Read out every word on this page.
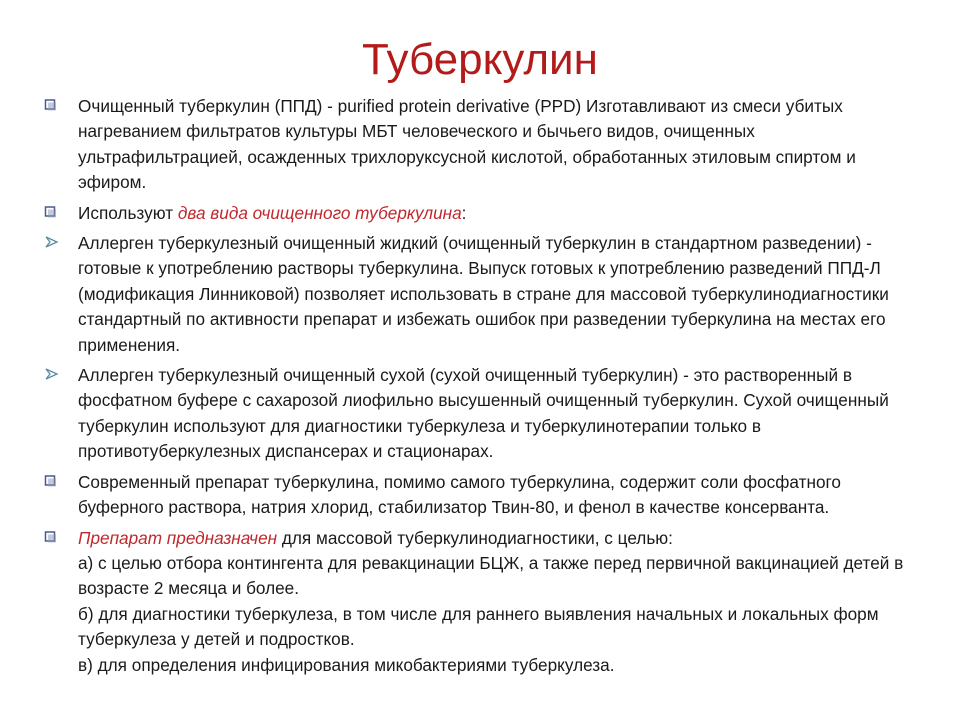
Туберкулин
Очищенный туберкулин (ППД) - purified protein derivative (PPD) Изготавливают из смеси убитых нагреванием фильтратов культуры МБТ человеческого и бычьего видов, очищенных ультрафильтрацией, осажденных трихлоруксусной кислотой, обработанных этиловым спиртом и эфиром.
Используют два вида очищенного туберкулина:
Аллерген туберкулезный очищенный жидкий (очищенный туберкулин в стандартном разведении) - готовые к употреблению растворы туберкулина. Выпуск готовых к употреблению разведений ППД-Л (модификация Линниковой) позволяет использовать в стране для массовой туберкулинодиагностики стандартный по активности препарат и избежать ошибок при разведении туберкулина на местах его применения.
Аллерген туберкулезный очищенный сухой (сухой очищенный туберкулин) - это растворенный в фосфатном буфере с сахарозой лиофильно высушенный очищенный туберкулин. Сухой очищенный туберкулин используют для диагностики туберкулеза и туберкулинотерапии только в противотуберкулезных диспансерах и стационарах.
Современный препарат туберкулина, помимо самого туберкулина, содержит соли фосфатного буферного раствора, натрия хлорид, стабилизатор Твин-80, и фенол в качестве консерванта.
Препарат предназначен для массовой туберкулинодиагностики, с целью:
а) с целью отбора контингента для ревакцинации БЦЖ, а также перед первичной вакцинацией детей в возрасте 2 месяца и более.
б) для диагностики туберкулеза, в том числе для раннего выявления начальных и локальных форм туберкулеза у детей и подростков.
в) для определения инфицирования микобактериями туберкулеза.
